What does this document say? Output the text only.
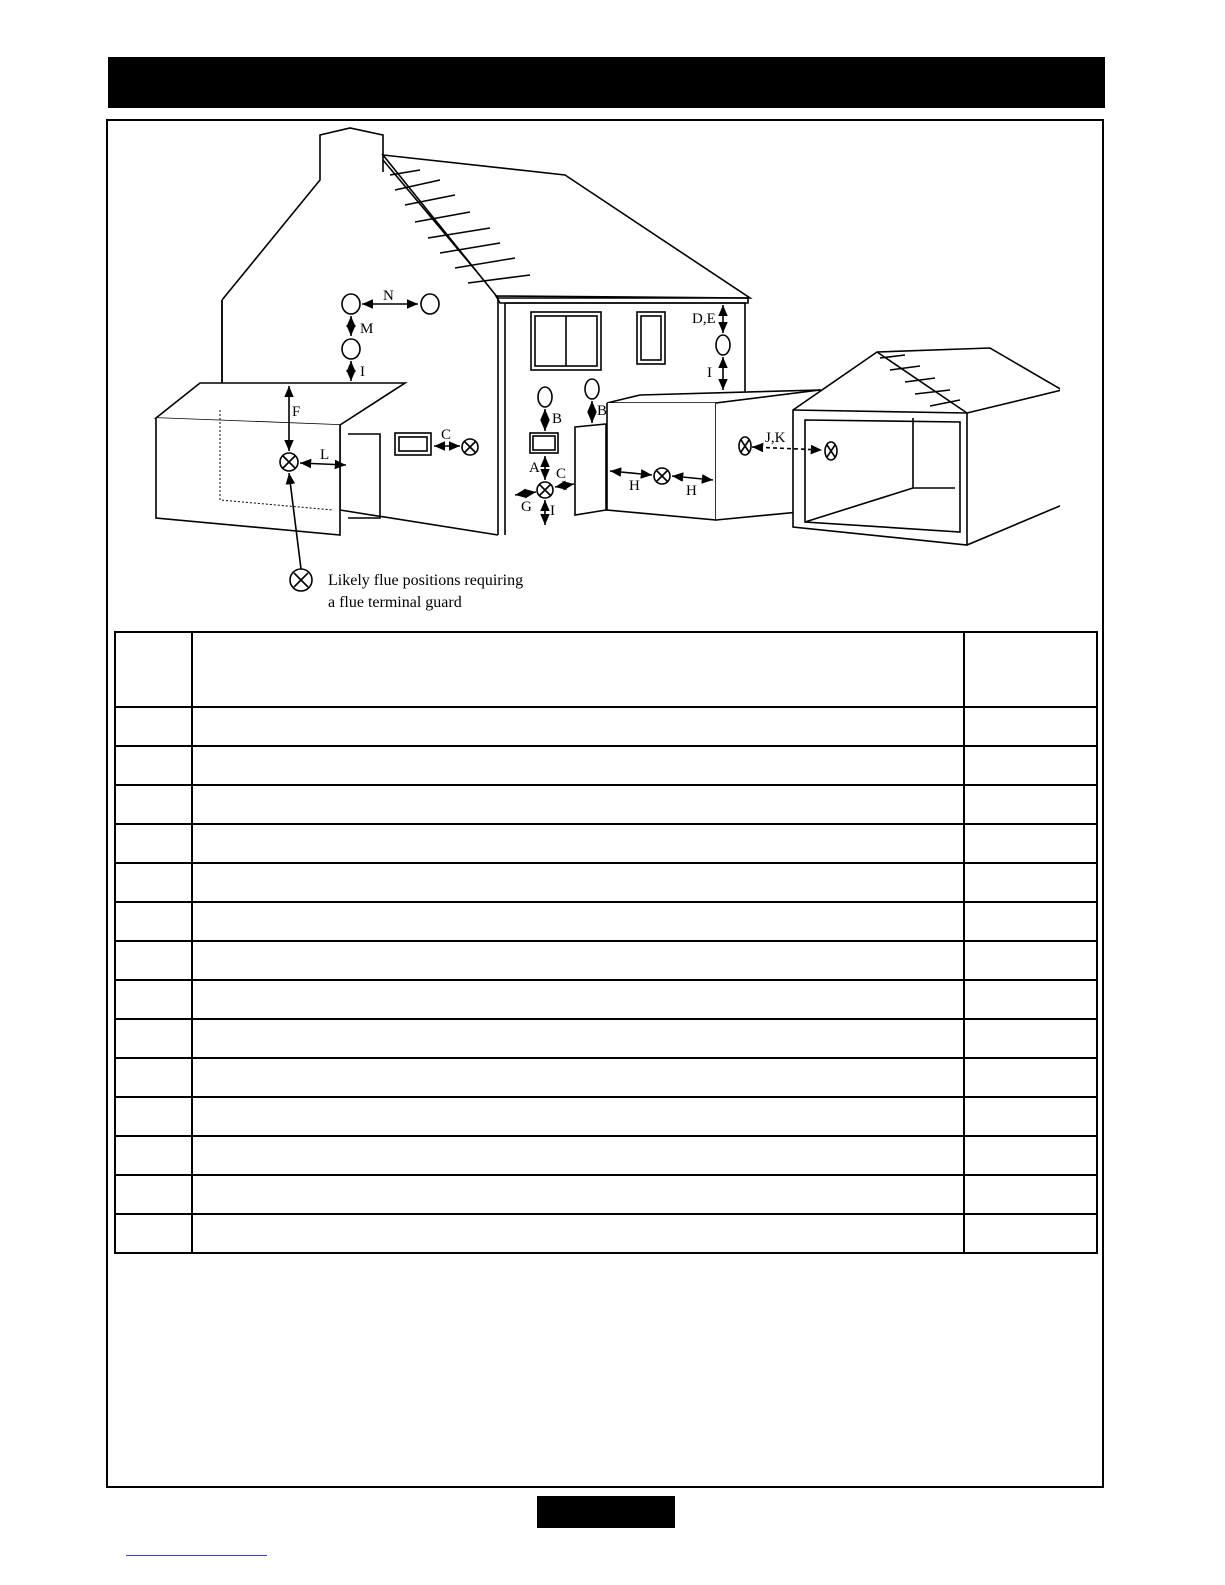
N
M
I
F
L
C
D,E
I
B B
A C
G I
H	H
J,K
Likely flue positions requiring
a flue terminal guard
